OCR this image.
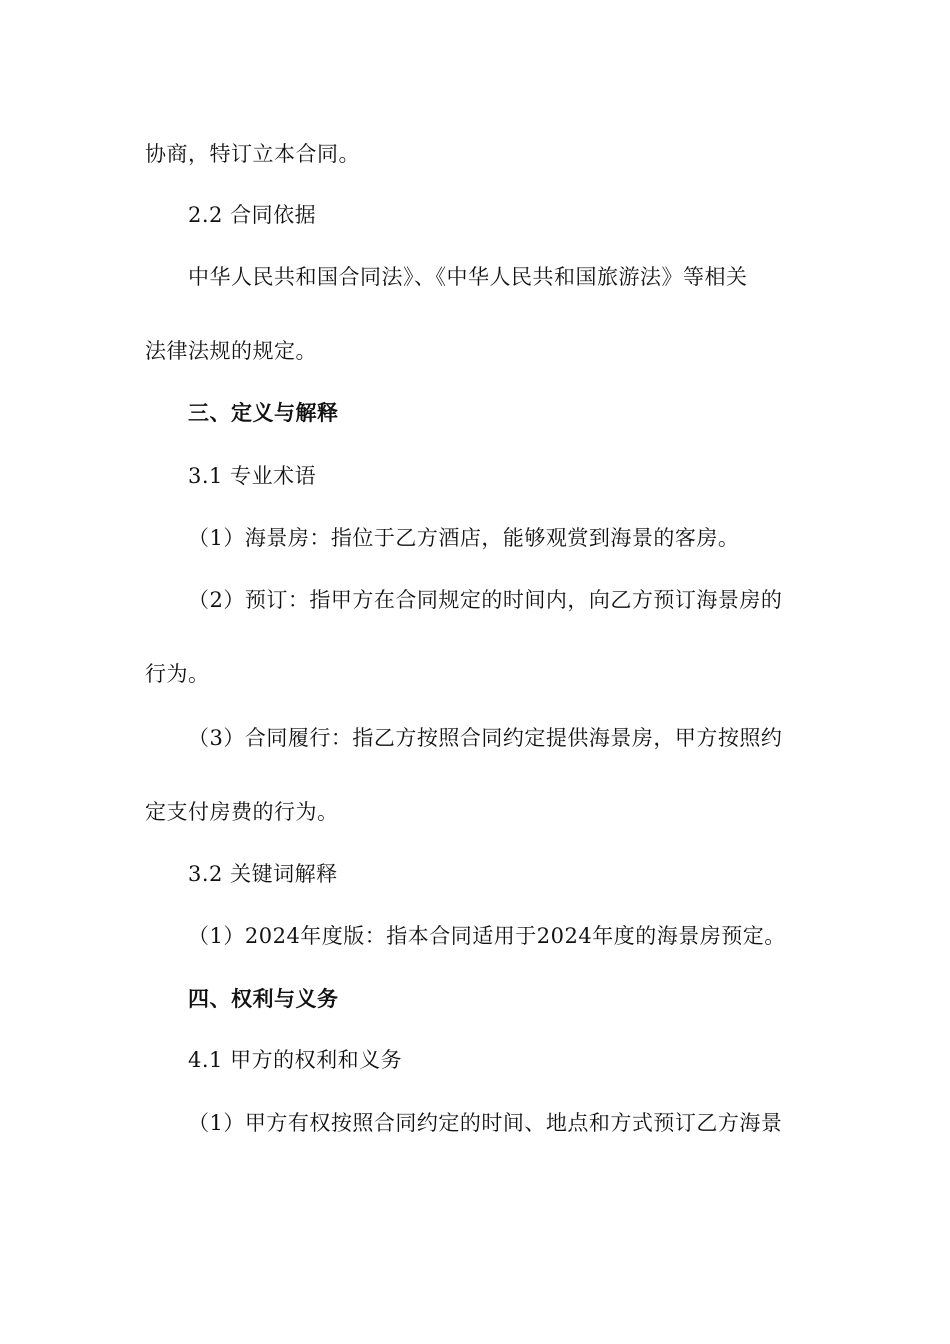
协商，特订立本合同。
2.2 合同依据
中华人民共和国合同法》、《中华人民共和国旅游法》等相关
法律法规的规定。
三、定义与解释
3.1 专业术语
（1）海景房：指位于乙方酒店，能够观赏到海景的客房。
（2）预订：指甲方在合同规定的时间内，向乙方预订海景房的
行为。
（3）合同履行：指乙方按照合同约定提供海景房，甲方按照约
定支付房费的行为。
3.2 关键词解释
（1）2024年度版：指本合同适用于2024年度的海景房预定。
四、权利与义务
4.1 甲方的权利和义务
（1）甲方有权按照合同约定的时间、地点和方式预订乙方海景
